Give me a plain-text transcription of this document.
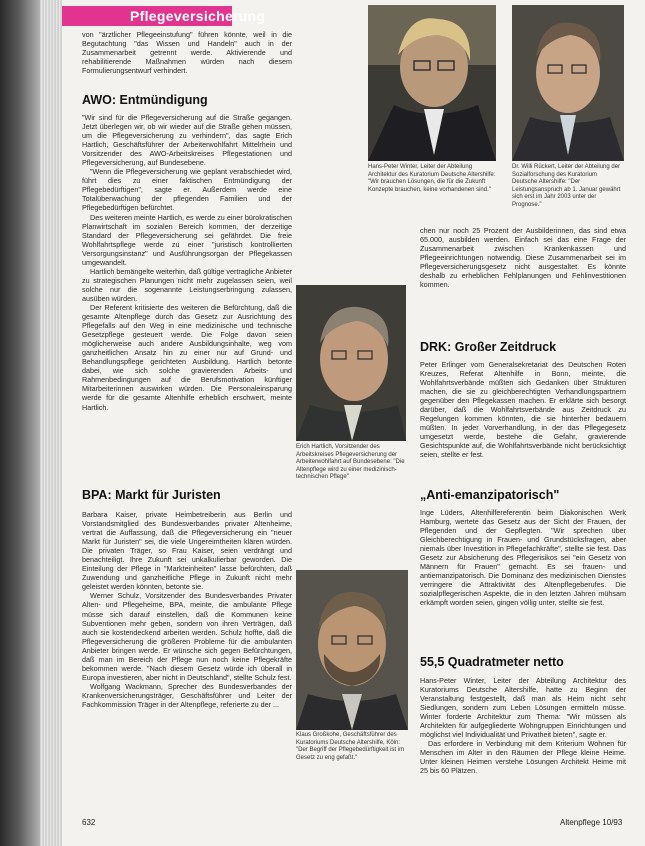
Pflegeversicherung

von "ärztlicher Pflegeeinstufung" führen könnte, weil in die Begutachtung "das Wissen und Handeln" auch in der Zusammenarbeit getrennt werde. Aktivierende und rehabilitierende Maßnahmen würden nach diesem Formulierungsentwurf verhindert.

AWO: Entmündigung

"Wir sind für die Pflegeversicherung auf die Straße gegangen. Jetzt überlegen wir, ob wir wieder auf die Straße gehen müssen, um die Pflegeversicherung zu verhindern", das sagte Erich Hartlich, Geschäftsführer der Arbeiterwohlfahrt Mittelrhein und Vorsitzender des AWO-Arbeitskreises Pflegestationen und Pflegeversicherung, auf Bundesebene.

"Wenn die Pflegeversicherung wie geplant verabschiedet wird, führt dies zu einer faktischen Entmündigung der Pflegebedürftigen", sagte er. Außerdem werde eine Totalüberwachung der pflegenden Familien und der Pflegebedürftigen befürchtet.

Des weiteren meinte Hartlich, es werde zu einer bürokratischen Planwirtschaft im sozialen Bereich kommen, der derzeitige Standard der Pflegeversicherung sei gefährdet. Die freie Wohlfahrtspflege werde zu einer "juristisch kontrollierten Versorgungsinstanz" und Ausführungsorgan der Pflegekassen umgewandelt.

Hartlich bemängelte weiterhin, daß gültige vertragliche Anbieter zu strategischen Planungen nicht mehr zugelassen seien, weil solche nur die sogenannte Leistungserbringung zulassen, ausüben würden.

Der Referent kritisierte des weiteren die Befürchtung, daß die gesamte Altenpflege durch das Gesetz zur Ausrichtung des Pflegefalls auf den Weg in eine medizinische und technische Gesetzpflege gesteuert werde. Die Folge davon seien möglicherweise auch andere Ausbildungsinhalte, weg vom ganzheitlichen Ansatz hin zu einer nur auf Grund- und Behandlungspflege gerichteten Ausbildung. Hartlich betonte dabei, wie sich solche gravierenden Arbeits- und Rahmenbedingungen auf die Berufsmotivation künftiger Mitarbeiterinnen auswirken würden. Die Personaleinsparung werde für die gesamte Altenhilfe erheblich erschwert, meinte Hartlich.

BPA: Markt für Juristen

Barbara Kaiser, private Heimbetreiberin aus Berlin und Vorstandsmitglied des Bundesverbandes privater Altenheime, vertrat die Auffassung, daß die Pflegeversicherung ein "neuer Markt für Juristen" sei, die viele Ungereimtheiten klären würden. Die privaten Träger, so Frau Kaiser, seien verdrängt und benachteiligt. Ihre Zukunft sei unkalkulierbar geworden. Die Einteilung der Pflege in "Markteinheiten" lasse befürchten, daß Zuwendung und ganzheitliche Pflege in Zukunft nicht mehr geleistet werden könnten, betonte sie.

Werner Schulz, Vorsitzender des Bundesverbandes Privater Alten- und Pflegeheime, BPA, meinte, die ambulante Pflege müsse sich darauf einstellen, daß die Kommunen keine Subventionen mehr geben, sondern von ihren Verträgen, daß auch sie kostendeckend arbeiten werden. Schulz hoffte, daß die Pflegeversicherung die größeren Probleme für die ambulanten Anbieter bringen werde. Er wünsche sich gegen Befürchtungen, daß man im Bereich der Pflege nun noch keine Pflegekräfte bekommen werde. "Nach diesem Gesetz würde ich überall in Europa investieren, aber nicht in Deutschland", stellte Schulz fest.

Wolfgang Wackmann, Sprecher des Bundesverbandes der Krankenversicherungsträger, Geschäftsführer und Leiter der Fachkommission Träger in der Altenpflege, referierte zu der ...

Hans-Peter Winter, Leiter der Abteilung Architektur des Kuratorium Deutsche Altershilfe: "Wir brauchen Lösungen, die für die Zukunft Konzepte brauchen, keine vorhandenen sind."
Dr. Willi Rückert, Leiter der Abteilung der Sozialforschung des Kuratorium Deutsche Altershilfe: "Der Leistungsanspruch ab 1. Januar gewährt sich erst im Jahr 2003 unter der Prognose."
Erich Hartlich, Vorsitzender des Arbeitskreises Pflegeversicherung der Arbeiterwohlfahrt auf Bundesebene: "Die Altenpflege wird zu einer medizinisch-technischen Pflege"
Klaus Großkohe, Geschäftsführer des Kuratoriums Deutsche Altershilfe, Köln: "Der Begriff der Pflegebedürftigkeit ist im Gesetz zu eng gefaßt."

chen nur noch 25 Prozent der Ausbilderinnen, das sind etwa 65.000, ausbilden werden. Einfach sei das eine Frage der Zusammenarbeit zwischen Krankenkassen und Pflegeeinrichtungen notwendig. Diese Zusammenarbeit sei im Pflegeversicherungsgesetz nicht ausgestaltet. Es könnte deshalb zu erheblichen Fehlplanungen und Fehlinvestitionen kommen.

DRK: Großer Zeitdruck

Peter Erlinger vom Generalsekretariat des Deutschen Roten Kreuzes, Referat Altenhilfe in Bonn, meinte, die Wohlfahrtsverbände müßten sich Gedanken über Strukturen machen, die sie zu gleichberechtigten Verhandlungspartnern gegenüber den Pflegekassen machen. Er erklärte sich besorgt darüber, daß die Wohlfahrtsverbände aus Zeitdruck zu Regelungen kommen könnten, die sie hinterher bedauern müßten. In jeder Vorverhandlung, in der das Pflegegesetz umgesetzt werde, bestehe die Gefahr, gravierende Gesichtspunkte auf, die Wohlfahrtsverbände nicht berücksichtigt seien, stellte er fest.

„Anti-emanzipatorisch"

Inge Lüders, Altenhilfereferentin beim Diakonischen Werk Hamburg, wertete das Gesetz aus der Sicht der Frauen, der Pflegenden und der Gepflegten. "Wir sprechen über Gleichberechtigung in Frauen- und Grundstücksfragen, aber niemals über Investition in Pflegefachkräfte", stellte sie fest. Das Gesetz zur Absicherung des Pflegerisikos sei "ein Gesetz von Männern für Frauen" gemacht. Es sei frauen- und antiemanzipatorisch. Die Dominanz des medizinischen Dienstes verringere die Attraktivität des Altenpflegeberufes. Die sozialpflegerischen Aspekte, die in den letzten Jahren mühsam erkämpft worden seien, gingen völlig unter, stellte sie fest.

55,5 Quadratmeter netto

Hans-Peter Winter, Leiter der Abteilung Architektur des Kuratoriums Deutsche Altershilfe, hatte zu Beginn der Veranstaltung festgestellt, daß man als Heim nicht sehr Siedlungen, sondern zum Leben Lösungen ermitteln müsse. Winter forderte Architektur zum Thema: "Wir müssen als Architekten für aufgegliederte Wohngruppen Einrichtungen und möglichst viel Individualität und Privatheit bieten", sagte er.

Das erfordere in Verbindung mit dem Kriterium Wohnen für Menschen im Alter in den Räumen der Pflege kleine Heime. Unter kleinen Heimen verstehe Lösungen Architekt Heime mit 25 bis 60 Plätzen.

632	Altenpflege 10/93
